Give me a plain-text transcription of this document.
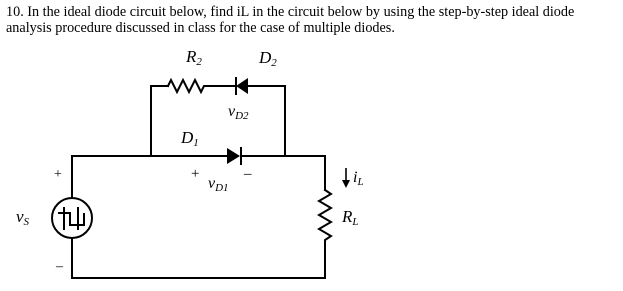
10. In the ideal diode circuit below, find iL in the circuit below by using the step-by-step ideal diode
analysis procedure discussed in class for the case of multiple diodes.
R2	D2
vD2
D1
+	–
vD1
+
–
vS
iL
RL
